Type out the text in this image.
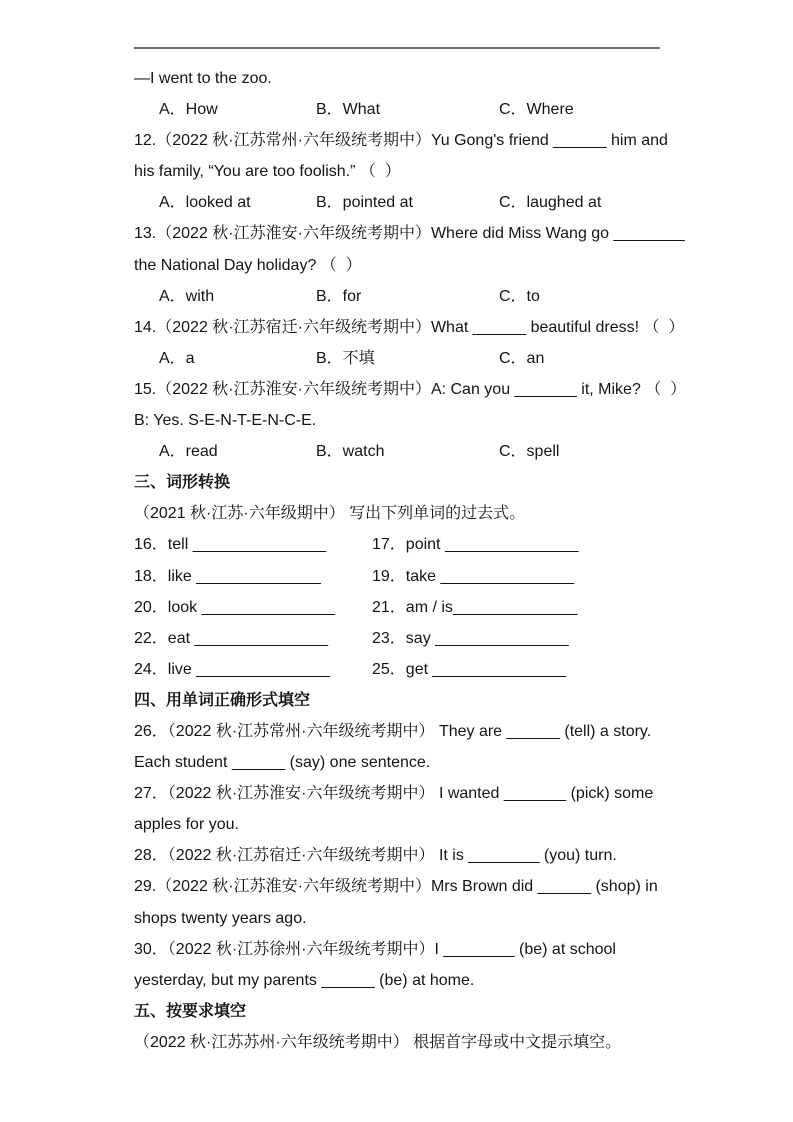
—I went to the zoo.
A．How	B．What	C．Where
12.（2022 秋·江苏常州·六年级统考期中）Yu Gong's friend ______ him and
his family, “You are too foolish.” （  ）
A．looked at	B．pointed at	C．laughed at
13.（2022 秋·江苏淮安·六年级统考期中）Where did Miss Wang go ________
the National Day holiday? （  ）
A．with	B．for	C．to
14.（2022 秋·江苏宿迁·六年级统考期中）What ______ beautiful dress! （  ）
A．a	B．不填	C．an
15.（2022 秋·江苏淮安·六年级统考期中）A: Can you _______ it, Mike? （  ）
B: Yes. S-E-N-T-E-N-C-E.
A．read	B．watch	C．spell
三、词形转换
（2021 秋·江苏·六年级期中） 写出下列单词的过去式。
16．tell _______________	17．point _______________
18．like ______________	19．take _______________
20．look _______________	21．am / is______________
22．eat _______________	23．say _______________
24．live _______________	25．get _______________
四、用单词正确形式填空
26．（2022 秋·江苏常州·六年级统考期中） They are ______ (tell) a story.
Each student ______ (say) one sentence.
27．（2022 秋·江苏淮安·六年级统考期中） I wanted _______ (pick) some
apples for you.
28．（2022 秋·江苏宿迁·六年级统考期中） It is ________ (you) turn.
29.（2022 秋·江苏淮安·六年级统考期中）Mrs Brown did ______ (shop) in
shops twenty years ago.
30．（2022 秋·江苏徐州·六年级统考期中）I ________ (be) at school
yesterday, but my parents ______ (be) at home.
五、按要求填空
（2022 秋·江苏苏州·六年级统考期中） 根据首字母或中文提示填空。
